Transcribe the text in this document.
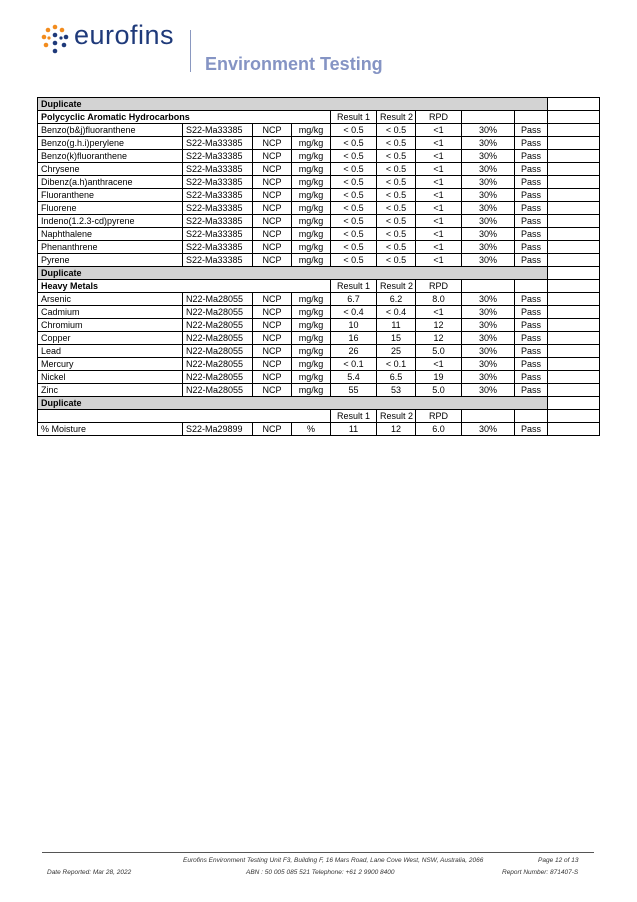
eurofins
Environment Testing
Duplicate									
Polycyclic Aromatic Hydrocarbons				Result 1	Result 2	RPD			
Benzo(b&j)fluoranthene	S22-Ma33385	NCP	mg/kg	< 0.5	< 0.5	<1	30%	Pass	
Benzo(g.h.i)perylene	S22-Ma33385	NCP	mg/kg	< 0.5	< 0.5	<1	30%	Pass	
Benzo(k)fluoranthene	S22-Ma33385	NCP	mg/kg	< 0.5	< 0.5	<1	30%	Pass	
Chrysene	S22-Ma33385	NCP	mg/kg	< 0.5	< 0.5	<1	30%	Pass	
Dibenz(a.h)anthracene	S22-Ma33385	NCP	mg/kg	< 0.5	< 0.5	<1	30%	Pass	
Fluoranthene	S22-Ma33385	NCP	mg/kg	< 0.5	< 0.5	<1	30%	Pass	
Fluorene	S22-Ma33385	NCP	mg/kg	< 0.5	< 0.5	<1	30%	Pass	
Indeno(1.2.3-cd)pyrene	S22-Ma33385	NCP	mg/kg	< 0.5	< 0.5	<1	30%	Pass	
Naphthalene	S22-Ma33385	NCP	mg/kg	< 0.5	< 0.5	<1	30%	Pass	
Phenanthrene	S22-Ma33385	NCP	mg/kg	< 0.5	< 0.5	<1	30%	Pass	
Pyrene	S22-Ma33385	NCP	mg/kg	< 0.5	< 0.5	<1	30%	Pass	
Duplicate									
Heavy Metals				Result 1	Result 2	RPD			
Arsenic	N22-Ma28055	NCP	mg/kg	6.7	6.2	8.0	30%	Pass	
Cadmium	N22-Ma28055	NCP	mg/kg	< 0.4	< 0.4	<1	30%	Pass	
Chromium	N22-Ma28055	NCP	mg/kg	10	11	12	30%	Pass	
Copper	N22-Ma28055	NCP	mg/kg	16	15	12	30%	Pass	
Lead	N22-Ma28055	NCP	mg/kg	26	25	5.0	30%	Pass	
Mercury	N22-Ma28055	NCP	mg/kg	< 0.1	< 0.1	<1	30%	Pass	
Nickel	N22-Ma28055	NCP	mg/kg	5.4	6.5	19	30%	Pass	
Zinc	N22-Ma28055	NCP	mg/kg	55	53	5.0	30%	Pass	
Duplicate									
				Result 1	Result 2	RPD			
% Moisture	S22-Ma29899	NCP	%	11	12	6.0	30%	Pass	
Eurofins Environment Testing Unit F3, Building F, 16 Mars Road, Lane Cove West, NSW, Australia, 2066	Page 12 of 13
Date Reported: Mar 28, 2022	ABN : 50 005 085 521 Telephone: +61 2 9900 8400	Report Number: 871407-S
